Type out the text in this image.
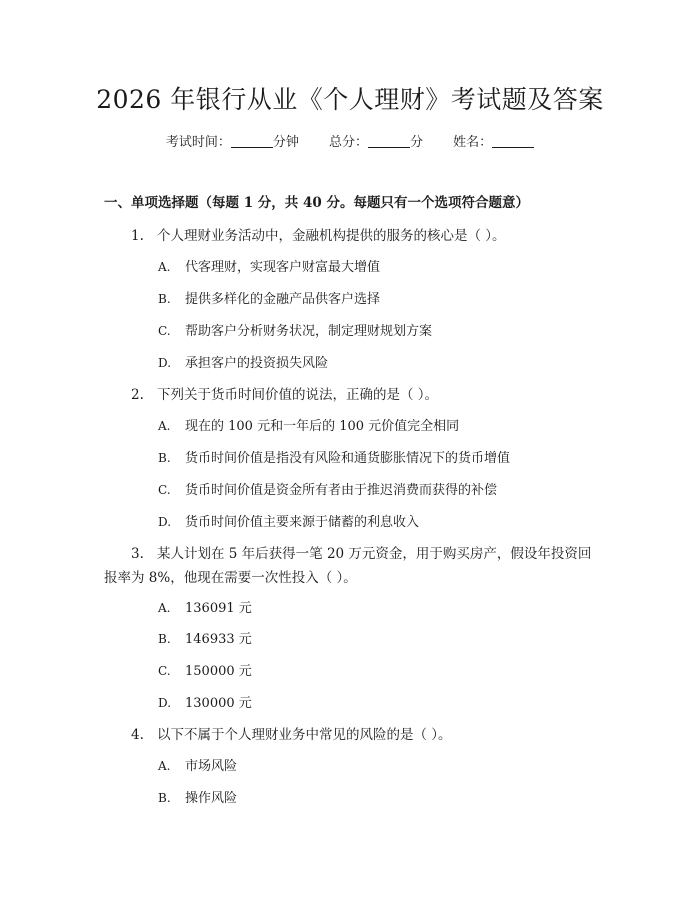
2026 年银行从业《个人理财》考试题及答案
考试时间：	分钟 总分：	分 姓名：
一、单项选择题（每题 1 分，共 40 分。每题只有一个选项符合题意）
1. 个人理财业务活动中，金融机构提供的服务的核心是（ ）。
A. 代客理财，实现客户财富最大增值
B. 提供多样化的金融产品供客户选择
C. 帮助客户分析财务状况，制定理财规划方案
D. 承担客户的投资损失风险
2. 下列关于货币时间价值的说法，正确的是（ ）。
A. 现在的 100 元和一年后的 100 元价值完全相同
B. 货币时间价值是指没有风险和通货膨胀情况下的货币增值
C. 货币时间价值是资金所有者由于推迟消费而获得的补偿
D. 货币时间价值主要来源于储蓄的利息收入
3. 某人计划在 5 年后获得一笔 20 万元资金，用于购买房产，假设年投资回
报率为 8%，他现在需要一次性投入（ ）。
A. 136091 元
B. 146933 元
C. 150000 元
D. 130000 元
4. 以下不属于个人理财业务中常见的风险的是（ ）。
A. 市场风险
B. 操作风险
